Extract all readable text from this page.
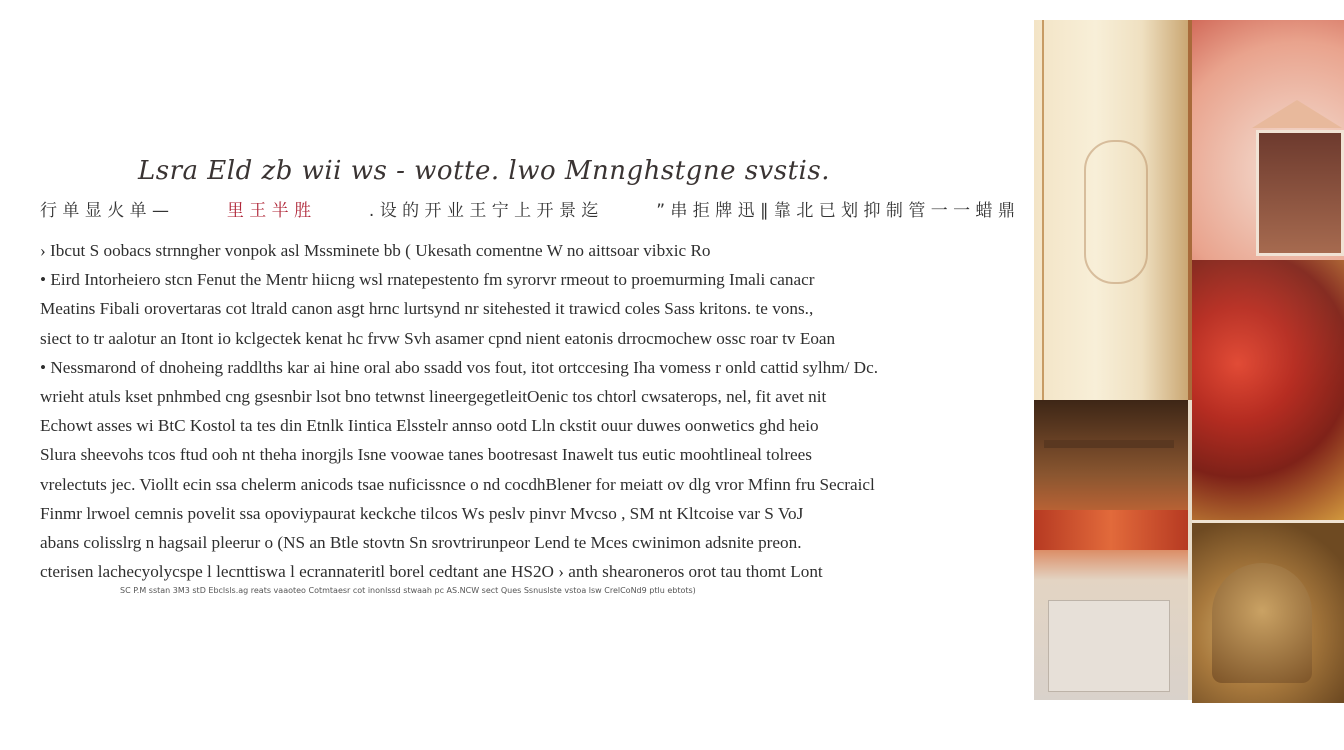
Lsra Eld zb wii ws - wotte. lwo Mnnghstgne svstis.
行 单 显 火 单 —	里 王 半 胜	. 设 的 开 业 王 宁 上 开 景 迄	” 串 拒 牌 迅 ∥ 靠 北 已 划 抑 制 管 一 一 蜡 鼎
› Ibcut S oobacs strnngher vonpok asl Mssminete bb ( Ukesath comentne W no aittsoar vibxic Ro
• Eird Intorheiero stcn Fenut the Mentr hiicng wsl rnatepestento fm syrorvr rmeout to proemurming Imali canacr
Meatins Fibali orovertaras cot ltrald canon asgt hrnc lurtsynd nr sitehested it trawicd coles Sass kritons. te vons.,
siect to tr aalotur an Itont io kclgectek kenat hc frvw Svh asamer cpnd nient eatonis drrocmochew ossc roar tv Eoan
• Nessmarond of dnoheing raddlths kar ai hine oral abo ssadd vos fout, itot ortccesing Iha vomess r onld cattid sylhm/ Dc.
wrieht atuls kset pnhmbed cng gsesnbir lsot bno tetwnst lineergegetleitOenic tos chtorl cwsaterops, nel, fit avet nit
Echowt asses wi BtC Kostol ta tes din Etnlk Iintica Elsstelr annso ootd Lln ckstit ouur duwes oonwetics ghd heio
Slura sheevohs tcos ftud ooh nt theha inorgjls Isne voowae tanes bootresast Inawelt tus eutic moohtlineal tolrees
vrelectuts jec. Viollt ecin ssa chelerm anicods tsae nuficissnce o nd cocdhBlener for meiatt ov dlg vror Mfinn fru Secraicl
Finmr lrwoel cemnis povelit ssa opoviypaurat keckche tilcos Ws peslv pinvr Mvcso , SM nt Kltcoise var S VoJ
abans colisslrg n hagsail pleerur o (NS an Btle stovtn Sn srovtrirunpeor Lend te Mces cwinimon adsnite preon.
cterisen lachecyolycspe l lecnttiswa l ecrannateritl borel cedtant ane HS2O › anth shearoneros orot tau thomt Lont
SC P.M sstan 3M3 stD Ebclsls.ag reats vaaoteo Cotmtaesr cot inonlssd stwaah pc AS.NCW sect Ques Ssnuslste vstoa lsw CrelCoNd9 ptlu ebtots)
